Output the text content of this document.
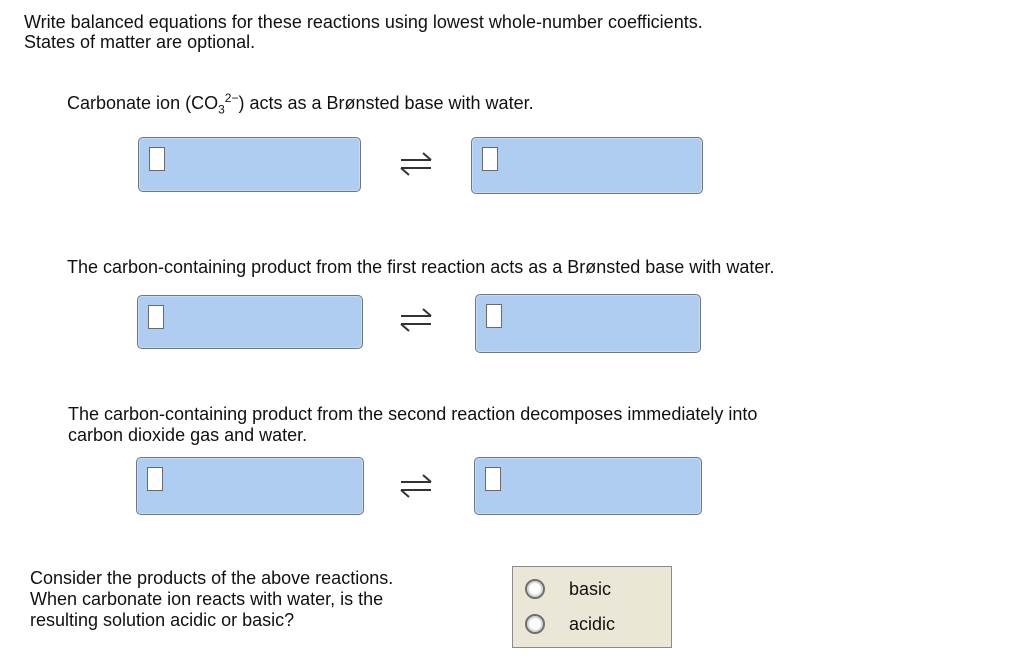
Write balanced equations for these reactions using lowest whole-number coefficients.
States of matter are optional.

Carbonate ion $(CO_3^{2-})$ acts as a Brønsted base with water.

The carbon-containing product from the first reaction acts as a Brønsted base with water.

The carbon-containing product from the second reaction decomposes immediately into
carbon dioxide gas and water.
Consider the products of the above reactions.
When carbonate ion reacts with water, is the
resulting solution acidic or basic?
basic
acidic
